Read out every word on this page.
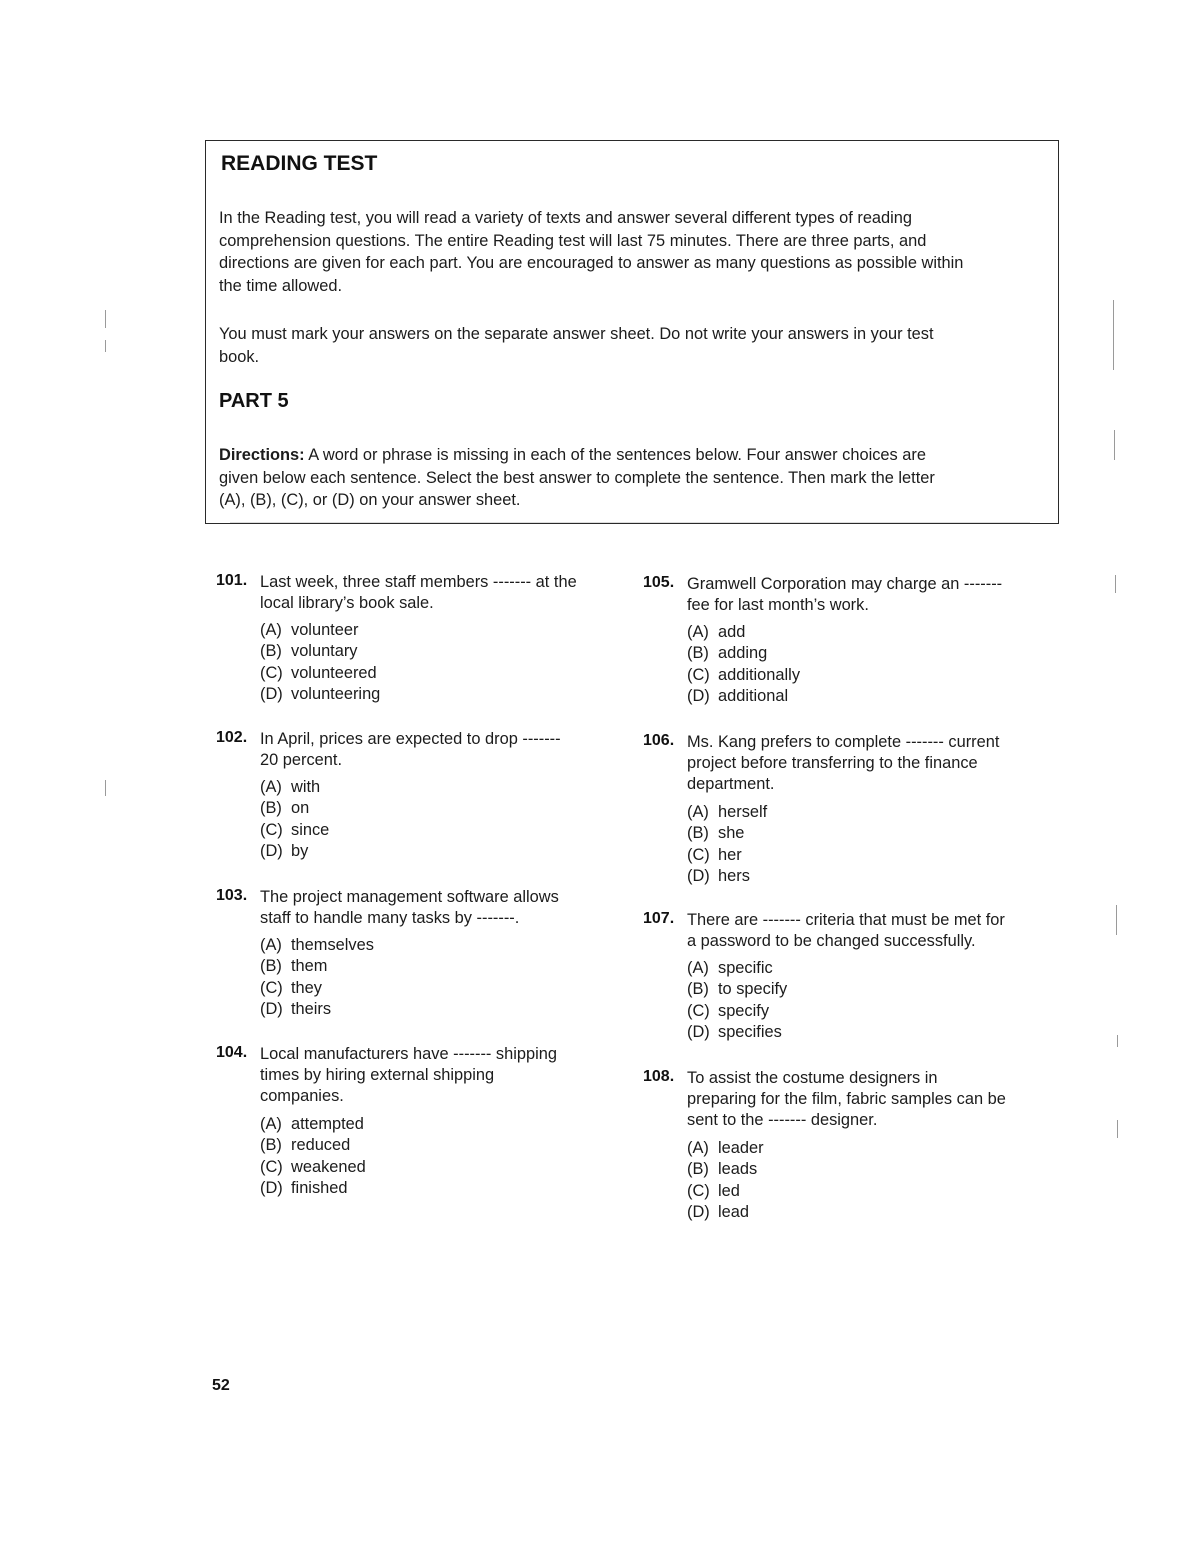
READING TEST

In the Reading test, you will read a variety of texts and answer several different types of reading
comprehension questions. The entire Reading test will last 75 minutes. There are three parts, and
directions are given for each part. You are encouraged to answer as many questions as possible within
the time allowed.

You must mark your answers on the separate answer sheet. Do not write your answers in your test
book.

PART 5

Directions: A word or phrase is missing in each of the sentences below. Four answer choices are
given below each sentence. Select the best answer to complete the sentence. Then mark the letter
(A), (B), (C), or (D) on your answer sheet.

101. Last week, three staff members ------- at the
local library’s book sale.

(A) volunteer
(B) voluntary
(C) volunteered
(D) volunteering
102. In April, prices are expected to drop -------
20 percent.

(A) with
(B) on
(C) since
(D) by
103. The project management software allows
staff to handle many tasks by -------.

(A) themselves
(B) them
(C) they
(D) theirs
104. Local manufacturers have ------- shipping
times by hiring external shipping
companies.

(A) attempted
(B) reduced
(C) weakened
(D) finished
105. Gramwell Corporation may charge an -------
fee for last month’s work.

(A) add
(B) adding
(C) additionally
(D) additional
106. Ms. Kang prefers to complete ------- current
project before transferring to the finance
department.

(A) herself
(B) she
(C) her
(D) hers
107. There are ------- criteria that must be met for
a password to be changed successfully.

(A) specific
(B) to specify
(C) specify
(D) specifies
108. To assist the costume designers in
preparing for the film, fabric samples can be
sent to the ------- designer.

(A) leader
(B) leads
(C) led
(D) lead
52
